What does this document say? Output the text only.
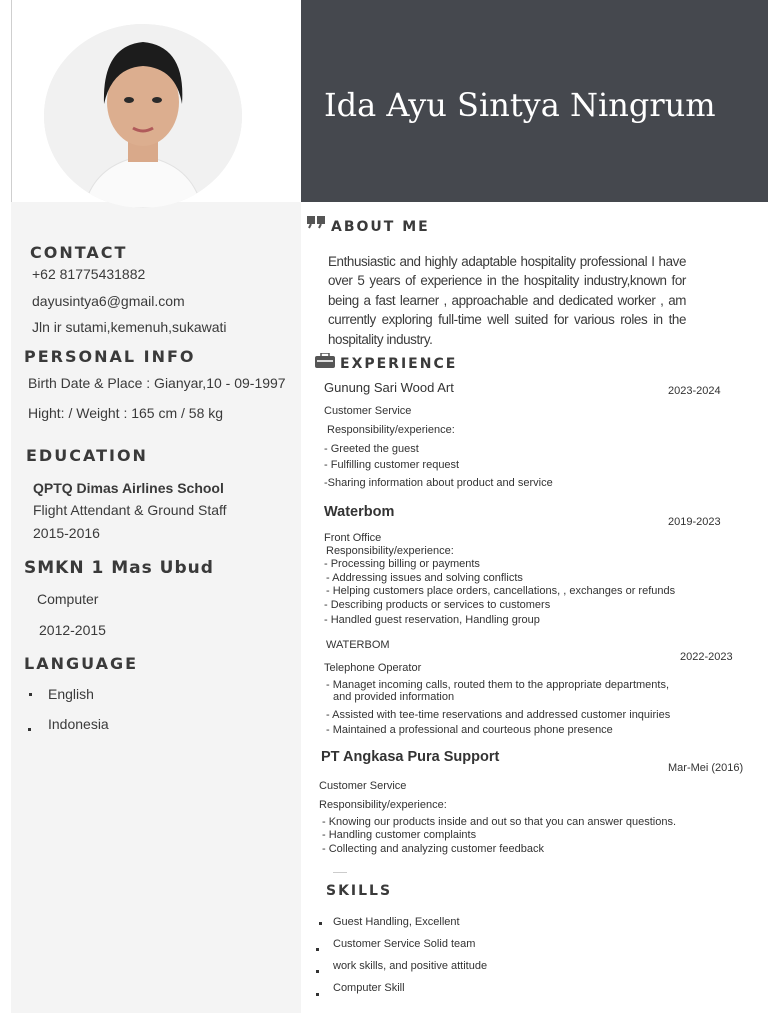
Ida Ayu Sintya Ningrum
CONTACT
+62 81775431882
dayusintya6@gmail.com
Jln ir sutami,kemenuh,sukawati
PERSONAL INFO
Birth Date & Place : Gianyar,10 - 09-1997
Hight: / Weight : 165 cm / 58 kg
EDUCATION
QPTQ Dimas Airlines School
Flight Attendant & Ground Staff
2015-2016
SMKN 1 Mas Ubud
Computer
2012-2015
LANGUAGE
English
Indonesia
ABOUT ME
Enthusiastic and highly adaptable hospitality professional I have over 5 years of experience in the hospitality industry,known for being a fast learner , approachable and dedicated worker , am currently exploring full-time well suited for various roles in the hospitality industry.
EXPERIENCE
Gunung Sari Wood Art	2023-2024
Customer Service
Responsibility/experience:
- Greeted the guest
- Fulfilling customer request
-Sharing information about product and service
Waterbom
2019-2023
Front Office
Responsibility/experience:
- Processing billing or payments
- Addressing issues and solving conflicts
- Helping customers place orders, cancellations, , exchanges or refunds
- Describing products or services to customers
- Handled guest reservation, Handling group
WATERBOM
2022-2023
Telephone Operator
- Managet incoming calls, routed them to the appropriate departments,
and provided information
- Assisted with tee-time reservations and addressed customer inquiries
- Maintained a professional and courteous phone presence
PT Angkasa Pura Support
Mar-Mei (2016)
Customer Service
Responsibility/experience:
- Knowing our products inside and out so that you can answer questions.
- Handling customer complaints
- Collecting and analyzing customer feedback
SKILLS
Guest Handling, Excellent
Customer Service Solid team
work skills, and positive attitude
Computer Skill
